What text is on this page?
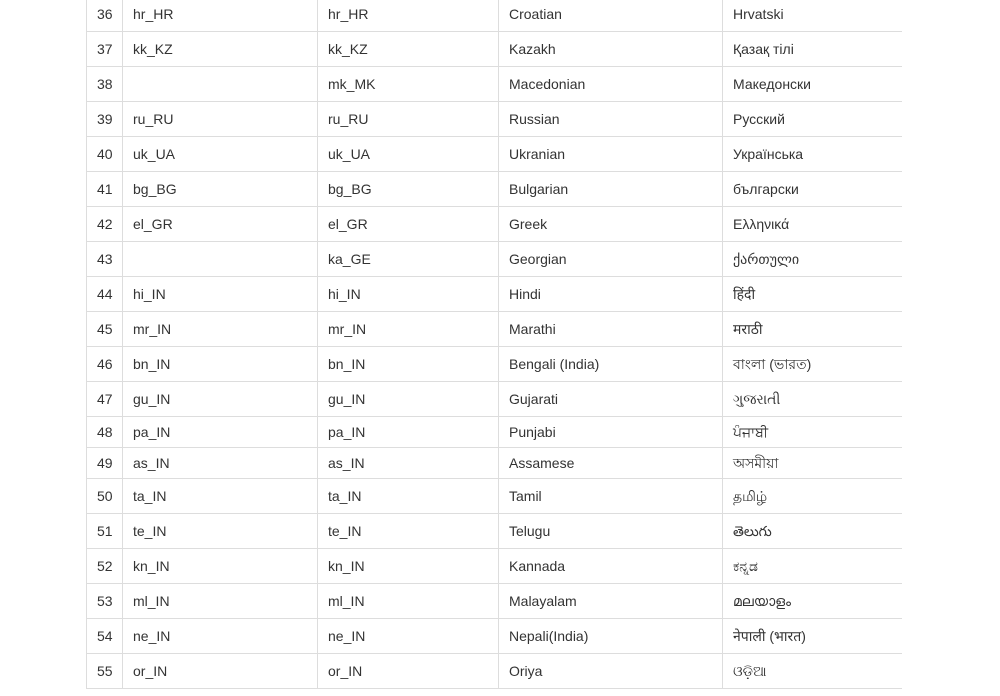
36	hr_HR	hr_HR	Croatian	Hrvatski
37	kk_KZ	kk_KZ	Kazakh	Қазақ тілі
38		mk_MK	Macedonian	Македонски
39	ru_RU	ru_RU	Russian	Русский
40	uk_UA	uk_UA	Ukranian	Українська
41	bg_BG	bg_BG	Bulgarian	български
42	el_GR	el_GR	Greek	Ελληνικά
43		ka_GE	Georgian	ქართული
44	hi_IN	hi_IN	Hindi	हिंदी
45	mr_IN	mr_IN	Marathi	मराठी
46	bn_IN	bn_IN	Bengali (India)	বাংলা (ভারত)
47	gu_IN	gu_IN	Gujarati	ગુજરાતી
48	pa_IN	pa_IN	Punjabi	ਪੰਜਾਬੀ
49	as_IN	as_IN	Assamese	অসমীয়া
50	ta_IN	ta_IN	Tamil	தமிழ்
51	te_IN	te_IN	Telugu	తెలుగు
52	kn_IN	kn_IN	Kannada	ಕನ್ನಡ
53	ml_IN	ml_IN	Malayalam	മലയാളം
54	ne_IN	ne_IN	Nepali(India)	नेपाली (भारत)
55	or_IN	or_IN	Oriya	ଓଡ଼ିଆ
